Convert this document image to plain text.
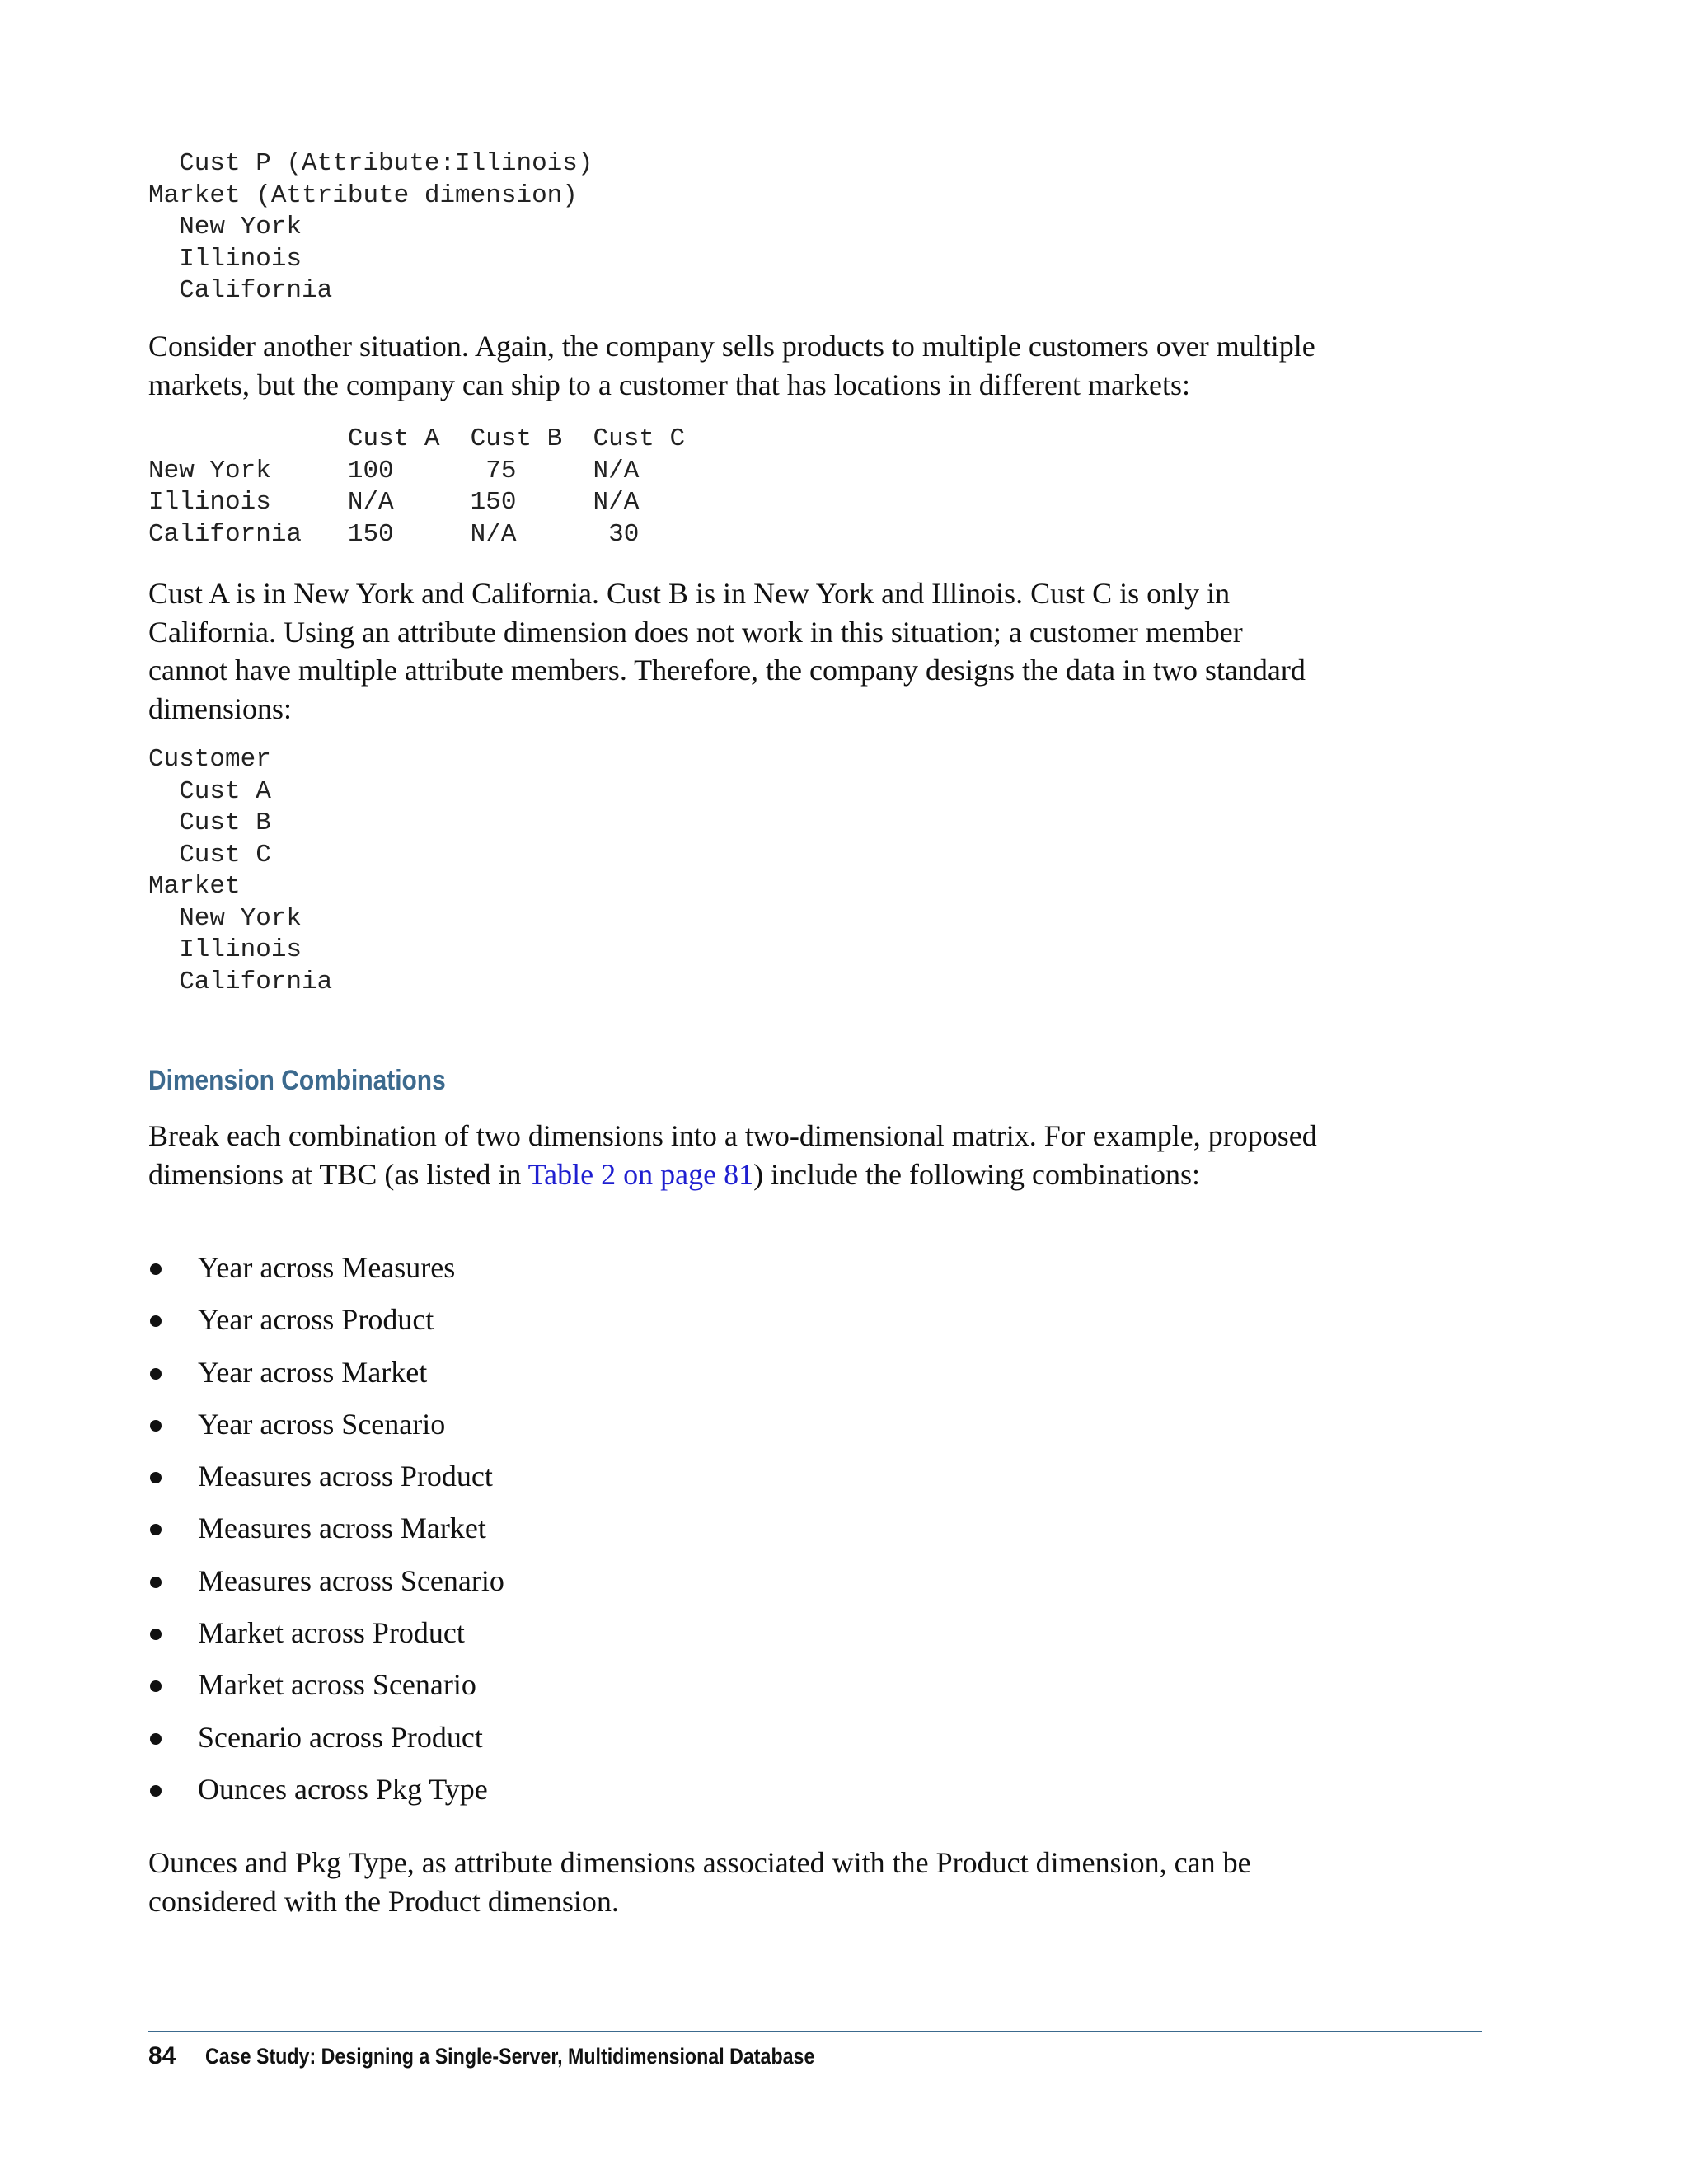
Cust P (Attribute:Illinois)
Market (Attribute dimension)
New York
Illinois
California

Consider another situation. Again, the company sells products to multiple customers over multiple markets, but the company can ship to a customer that has locations in different markets:

Cust A  Cust B  Cust C
New York     100      75     N/A
Illinois     N/A     150     N/A
California   150     N/A      30

Cust A is in New York and California. Cust B is in New York and Illinois. Cust C is only in California. Using an attribute dimension does not work in this situation; a customer member cannot have multiple attribute members. Therefore, the company designs the data in two standard dimensions:

Customer
Cust A
Cust B
Cust C
Market
New York
Illinois
California
Dimension Combinations

Break each combination of two dimensions into a two-dimensional matrix. For example, proposed dimensions at TBC (as listed in Table 2 on page 81) include the following combinations:

Year across Measures
Year across Product
Year across Market
Year across Scenario
Measures across Product
Measures across Market
Measures across Scenario
Market across Product
Market across Scenario
Scenario across Product
Ounces across Pkg Type

Ounces and Pkg Type, as attribute dimensions associated with the Product dimension, can be considered with the Product dimension.

84 Case Study: Designing a Single-Server, Multidimensional Database
